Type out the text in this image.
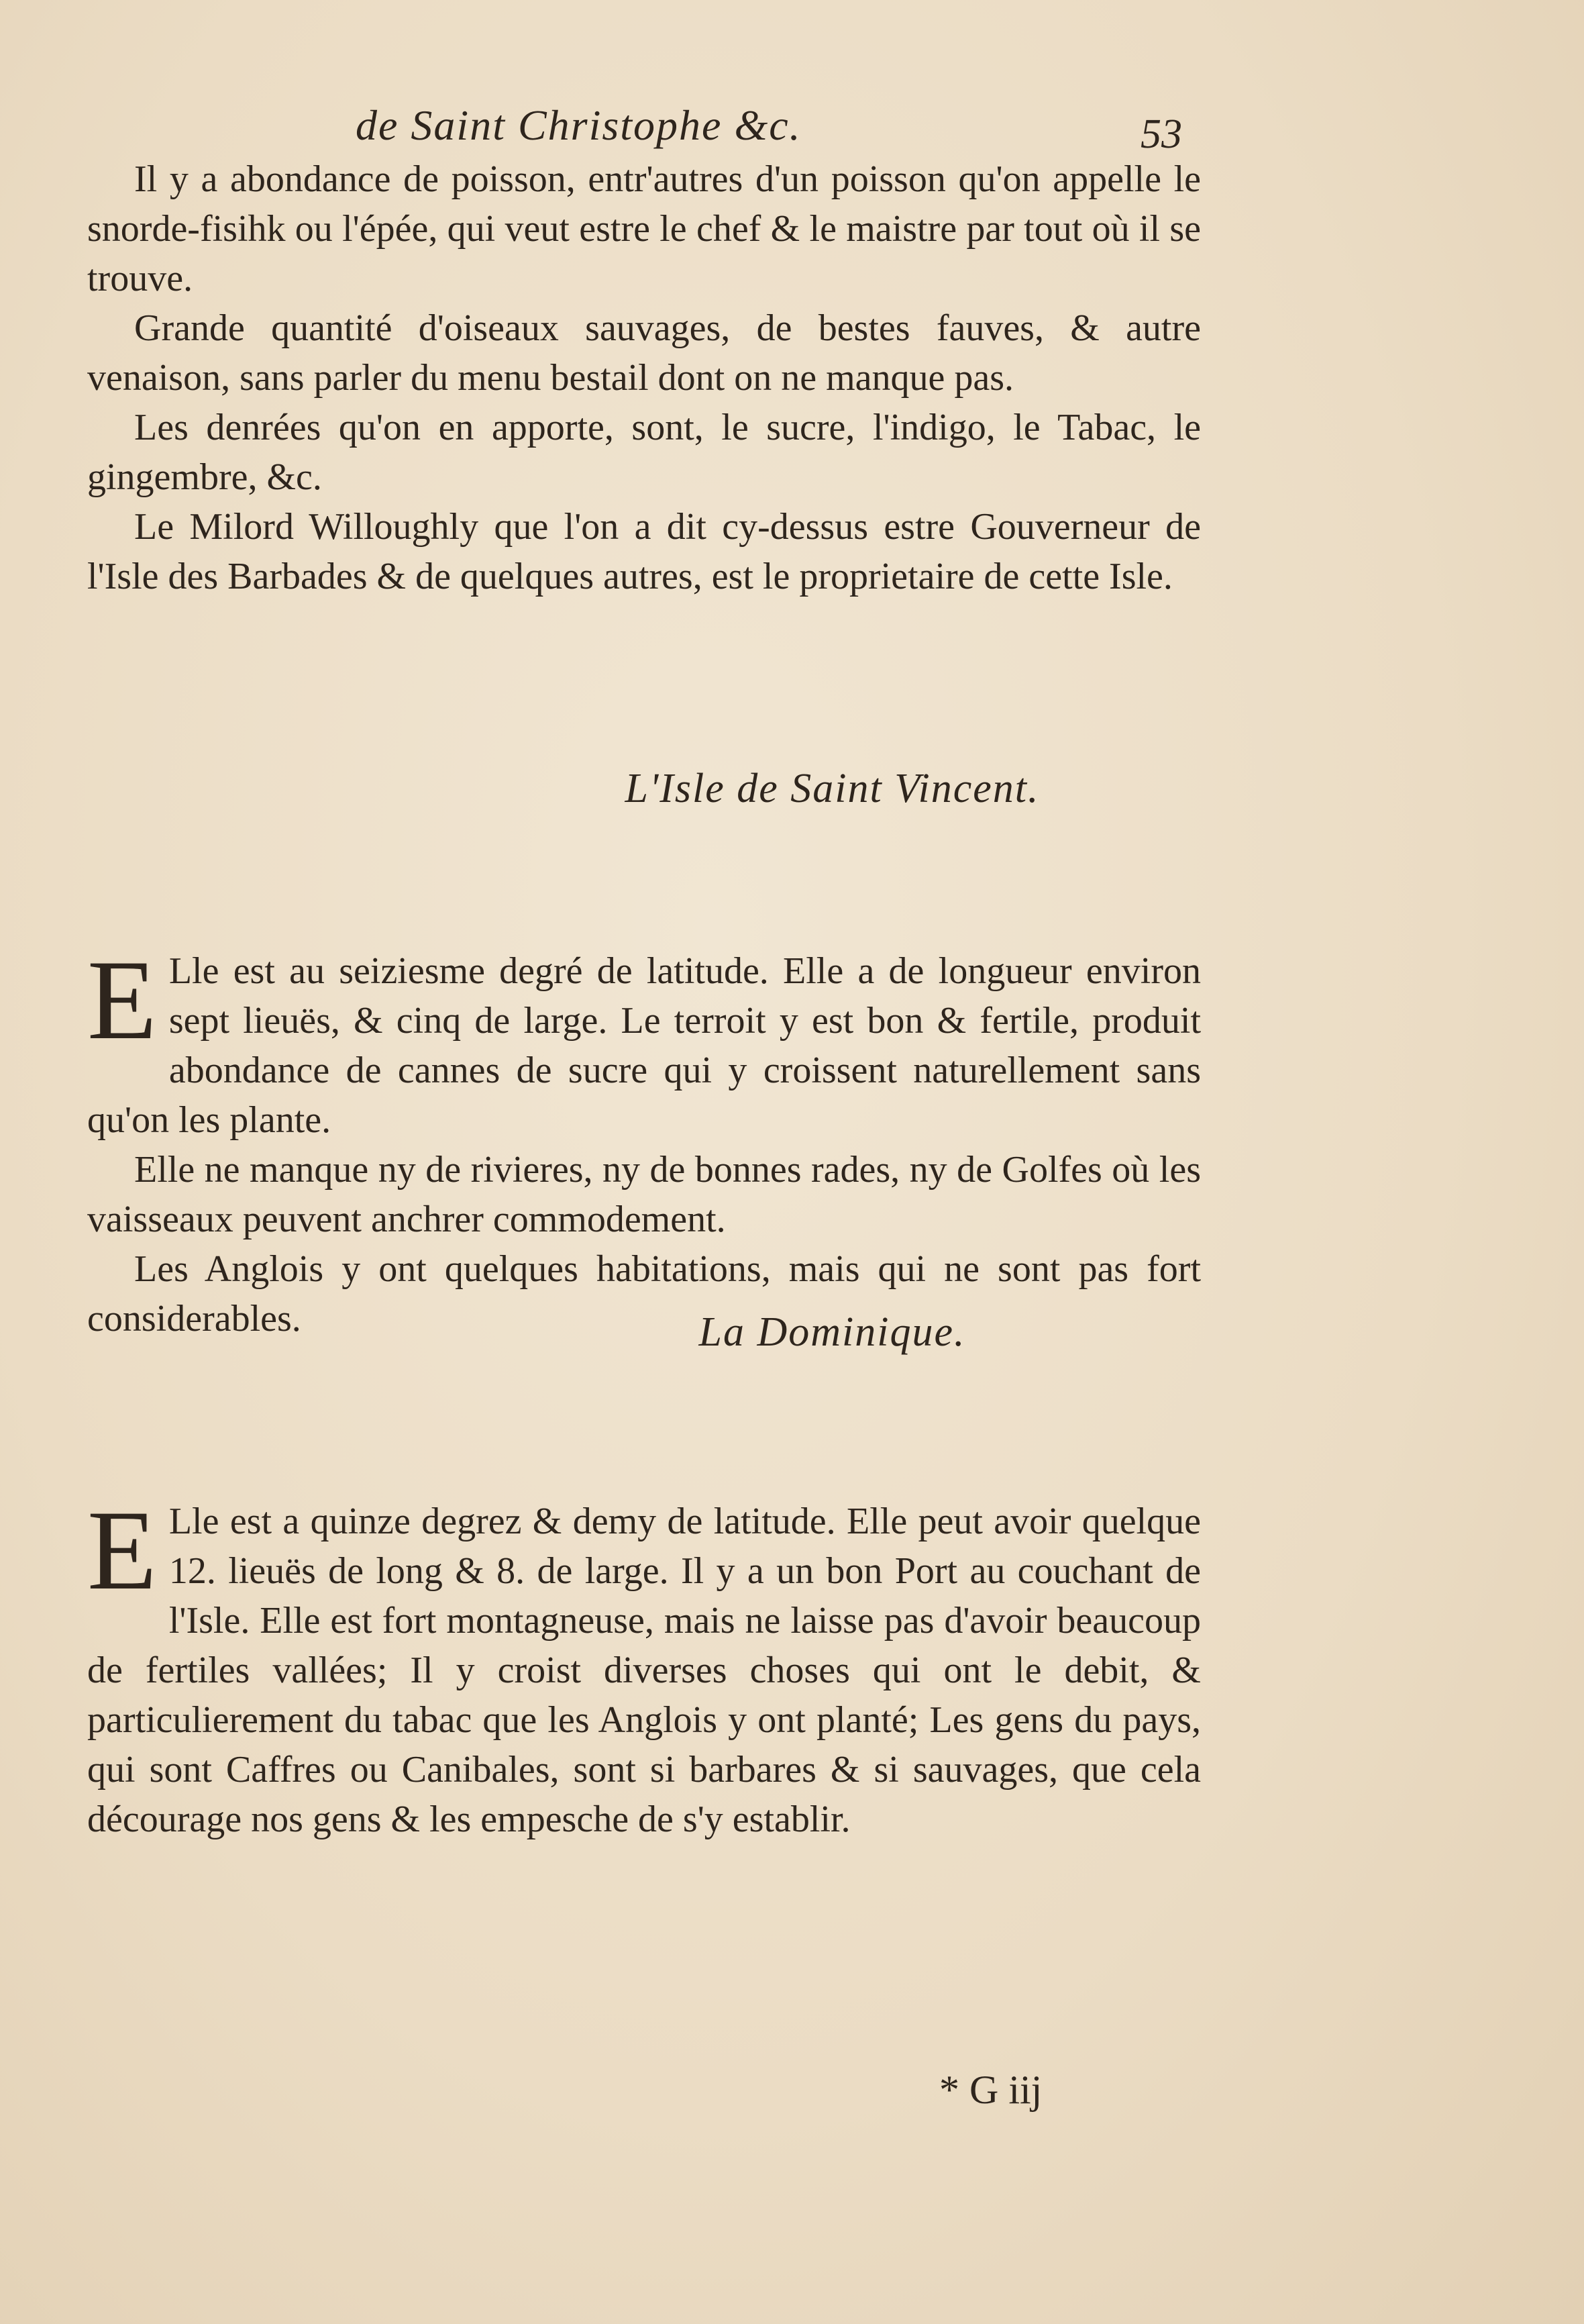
de Saint Christophe &c.	53

Il y a abondance de poisson, entr'autres d'un poisson qu'on appelle le snorde-fisihk ou l'épée, qui veut estre le chef & le maistre par tout où il se trouve.

Grande quantité d'oiseaux sauvages, de bestes fauves, & autre venaison, sans parler du menu bestail dont on ne manque pas.

Les denrées qu'on en apporte, sont, le sucre, l'indigo, le Tabac, le gingembre, &c.

Le Milord Willoughly que l'on a dit cy-dessus estre Gouverneur de l'Isle des Barbades & de quelques autres, est le proprietaire de cette Isle.

L'Isle de Saint Vincent.

E Lle est au seiziesme degré de latitude. Elle a de longueur environ sept lieuës, & cinq de large. Le terroit y est bon & fertile, produit abondance de cannes de sucre qui y croissent naturellement sans qu'on les plante.

Elle ne manque ny de rivieres, ny de bonnes rades, ny de Golfes où les vaisseaux peuvent anchrer commodement.

Les Anglois y ont quelques habitations, mais qui ne sont pas fort considerables.	La Dominique.

E Lle est a quinze degrez & demy de latitude. Elle peut avoir quelque 12. lieuës de long & 8. de large. Il y a un bon Port au couchant de l'Isle. Elle est fort montagneuse, mais ne laisse pas d'avoir beaucoup de fertiles vallées; Il y croist diverses choses qui ont le debit, & particulierement du tabac que les Anglois y ont planté; Les gens du pays, qui sont Caffres ou Canibales, sont si barbares & si sauvages, que cela décourage nos gens & les empesche de s'y establir.

* G iij
